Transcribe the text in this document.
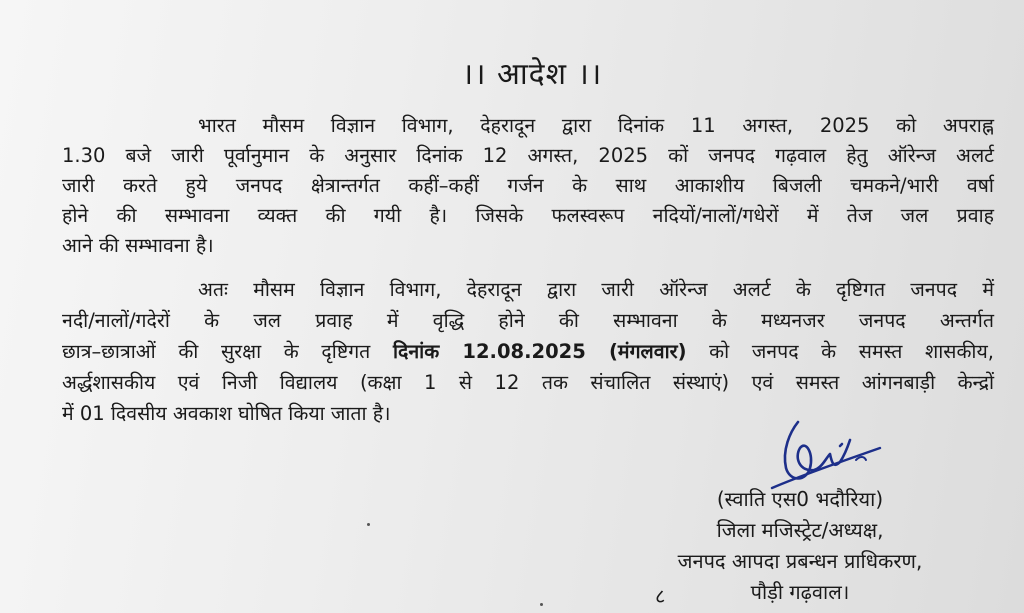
।। आदेश ।।
भारत मौसम विज्ञान विभाग, देहरादून द्वारा दिनांक 11 अगस्त, 2025 को अपराह्न
1.30 बजे जारी पूर्वानुमान के अनुसार दिनांक 12 अगस्त, 2025 कों जनपद गढ़वाल हेतु ऑरेन्ज अलर्ट
जारी करते हुये जनपद क्षेत्रान्तर्गत कहीं–कहीं गर्जन के साथ आकाशीय बिजली चमकने/भारी वर्षा
होने की सम्भावना व्यक्त की गयी है। जिसके फलस्वरूप नदियों/नालों/गधेरों में तेज जल प्रवाह
आने की सम्भावना है।
अतः मौसम विज्ञान विभाग, देहरादून द्वारा जारी ऑरेन्ज अलर्ट के दृष्टिगत जनपद में
नदी/नालों/गदेरों के जल प्रवाह में वृद्धि होने की सम्भावना के मध्यनजर जनपद अन्तर्गत
छात्र–छात्राओं की सुरक्षा के दृष्टिगत दिनांक 12.08.2025 (मंगलवार) को जनपद के समस्त शासकीय,
अर्द्धशासकीय एवं निजी विद्यालय (कक्षा 1 से 12 तक संचालित संस्थाएं) एवं समस्त आंगनबाड़ी केन्द्रों
में 01 दिवसीय अवकाश घोषित किया जाता है।
(स्वाति एस0 भदौरिया)
जिला मजिस्ट्रेट/अध्यक्ष,
जनपद आपदा प्रबन्धन प्राधिकरण,
पौड़ी गढ़वाल।
८
